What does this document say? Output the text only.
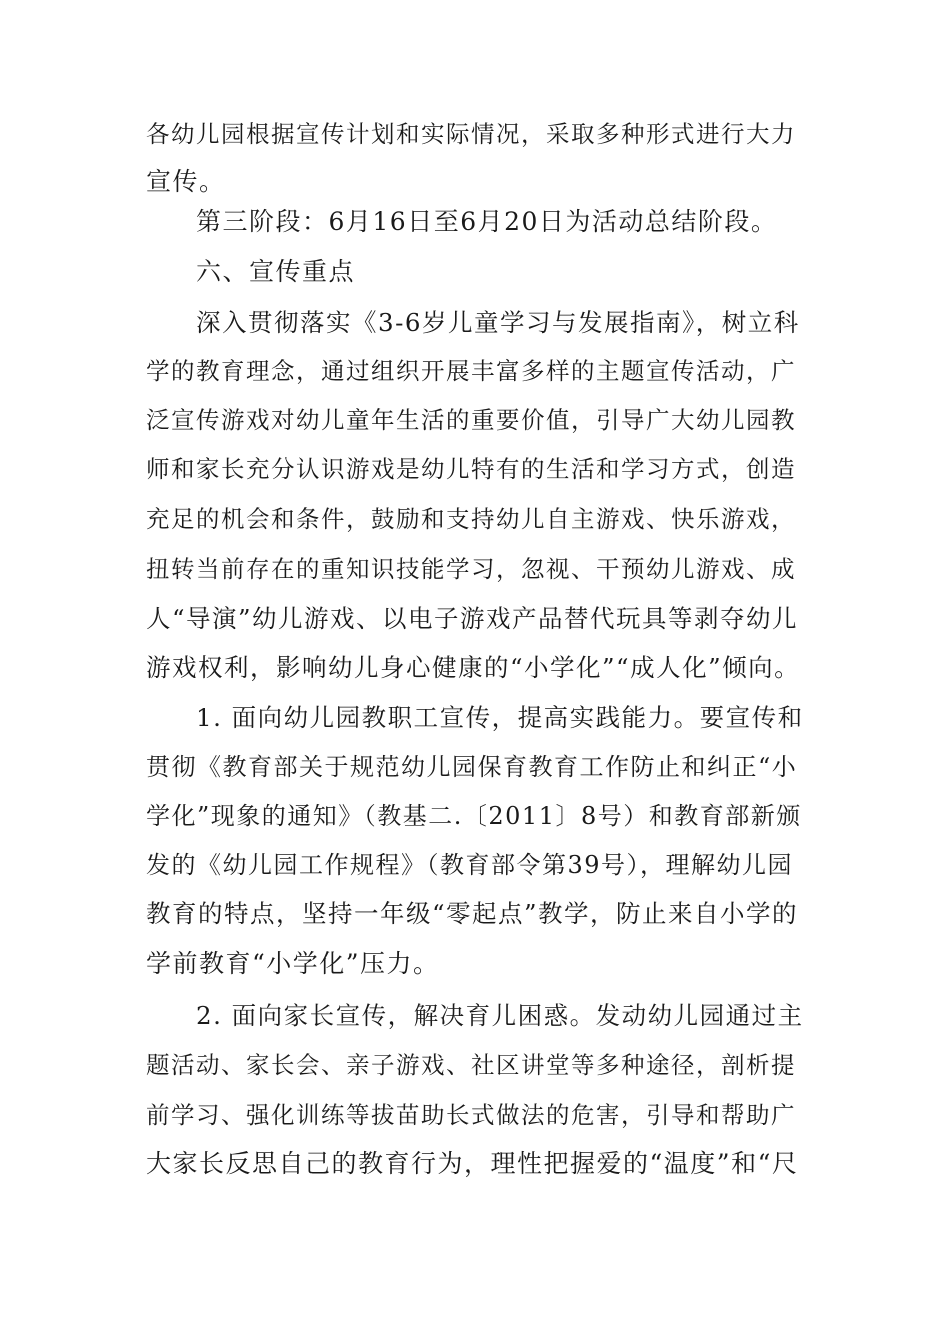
各幼儿园根据宣传计划和实际情况，采取多种形式进行大力
宣传。
第三阶段：6月16日至6月20日为活动总结阶段。
六、宣传重点
深入贯彻落实《3-6岁儿童学习与发展指南》，树立科
学的教育理念，通过组织开展丰富多样的主题宣传活动，广
泛宣传游戏对幼儿童年生活的重要价值，引导广大幼儿园教
师和家长充分认识游戏是幼儿特有的生活和学习方式，创造
充足的机会和条件，鼓励和支持幼儿自主游戏、快乐游戏，
扭转当前存在的重知识技能学习，忽视、干预幼儿游戏、成
人“导演”幼儿游戏、以电子游戏产品替代玩具等剥夺幼儿
游戏权利，影响幼儿身心健康的“小学化”“成人化”倾向。
1. 面向幼儿园教职工宣传，提高实践能力。要宣传和
贯彻《教育部关于规范幼儿园保育教育工作防止和纠正“小
学化”现象的通知》（教基二.〔2011〕8号）和教育部新颁
发的《幼儿园工作规程》（教育部令第39号），理解幼儿园
教育的特点，坚持一年级“零起点”教学，防止来自小学的
学前教育“小学化”压力。
2. 面向家长宣传，解决育儿困惑。发动幼儿园通过主
题活动、家长会、亲子游戏、社区讲堂等多种途径，剖析提
前学习、强化训练等拔苗助长式做法的危害，引导和帮助广
大家长反思自己的教育行为，理性把握爱的“温度”和“尺
